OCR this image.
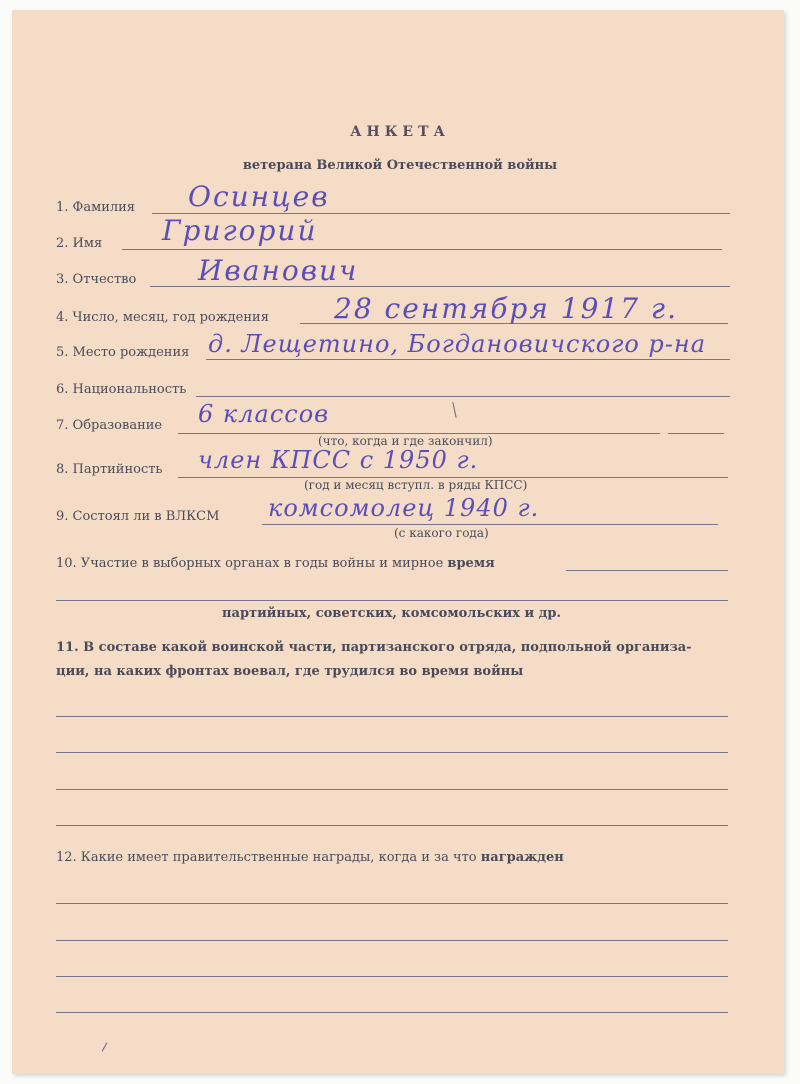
АНКЕТА
ветерана Великой Отечественной войны
1. Фамилия Осинцев
2. Имя Григорий
3. Отчество Иванович
4. Число, месяц, год рождения 28 сентября 1917 г.
5. Место рождения д. Лещетино, Богдановичского р-на
6. Национальность
7. Образование 6 классов
(что, когда и где закончил)
8. Партийность член КПСС с 1950 г.
(год и месяц вступл. в ряды КПСС)
9. Состоял ли в ВЛКСМ комсомолец 1940 г.
(с какого года)
10. Участие в выборных органах в годы войны и мирное время
партийных, советских, комсомольских и др.
11. В составе какой воинской части, партизанского отряда, подпольной организа-
ции, на каких фронтах воевал, где трудился во время войны
12. Какие имеет правительственные награды, когда и за что награжден
